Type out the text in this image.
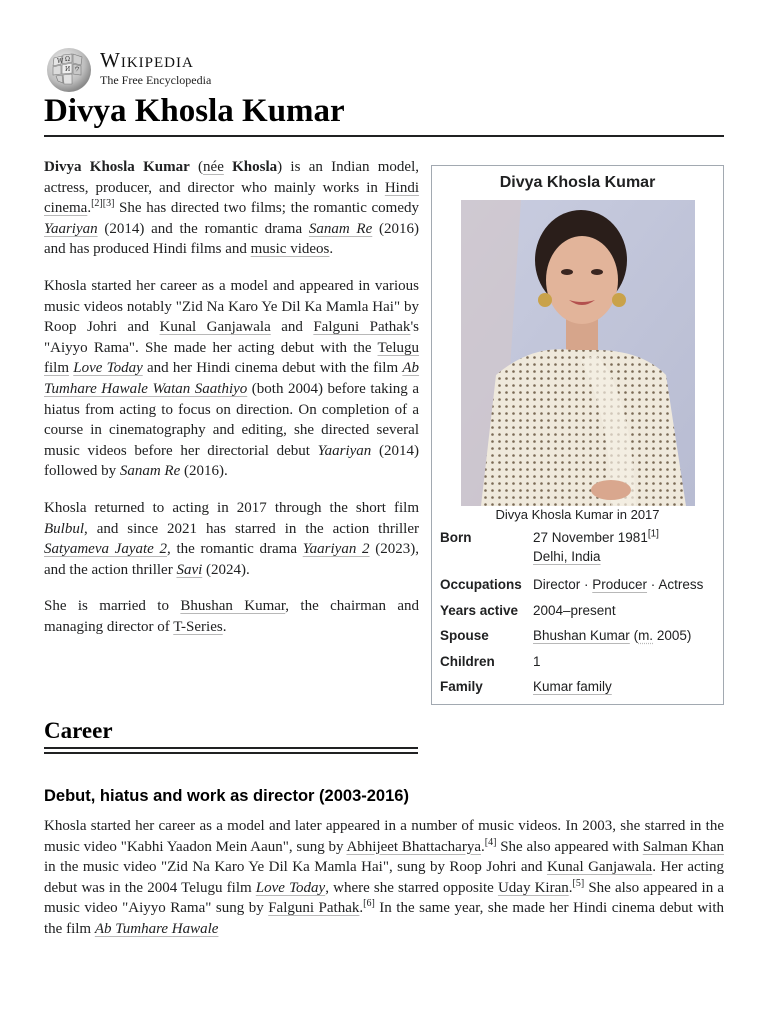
W Ω
И ウ Wikipedia
The Free Encyclopedia
Divya Khosla Kumar

Divya Khosla Kumar (née Khosla) is an Indian model, actress, producer, and director who mainly works in Hindi cinema.[2][3] She has directed two films; the romantic comedy Yaariyan (2014) and the romantic drama Sanam Re (2016) and has produced Hindi films and music videos.

Khosla started her career as a model and appeared in various music videos notably "Zid Na Karo Ye Dil Ka Mamla Hai" by Roop Johri and Kunal Ganjawala and Falguni Pathak's "Aiyyo Rama". She made her acting debut with the Telugu film Love Today and her Hindi cinema debut with the film Ab Tumhare Hawale Watan Saathiyo (both 2004) before taking a hiatus from acting to focus on direction. On completion of a course in cinematography and editing, she directed several music videos before her directorial debut Yaariyan (2014) followed by Sanam Re (2016).

Khosla returned to acting in 2017 through the short film Bulbul, and since 2021 has starred in the action thriller Satyameva Jayate 2, the romantic drama Yaariyan 2 (2023), and the action thriller Savi (2024).

She is married to Bhushan Kumar, the chairman and managing director of T-Series.

Divya Khosla Kumar
Divya Khosla Kumar in 2017
Born	27 November 1981[1]
Delhi, India
Occupations Director · Producer · Actress
Years active	2004–present
Spouse	Bhushan Kumar (m. 2005)
Children	1
Family	Kumar family
Career
Debut, hiatus and work as director (2003-2016)

Khosla started her career as a model and later appeared in a number of music videos. In 2003, she starred in the music video "Kabhi Yaadon Mein Aaun", sung by Abhijeet Bhattacharya.[4] She also appeared with Salman Khan in the music video "Zid Na Karo Ye Dil Ka Mamla Hai", sung by Roop Johri and Kunal Ganjawala. Her acting debut was in the 2004 Telugu film Love Today, where she starred opposite Uday Kiran.[5] She also appeared in a music video "Aiyyo Rama" sung by Falguni Pathak.[6] In the same year, she made her Hindi cinema debut with the film Ab Tumhare Hawale
